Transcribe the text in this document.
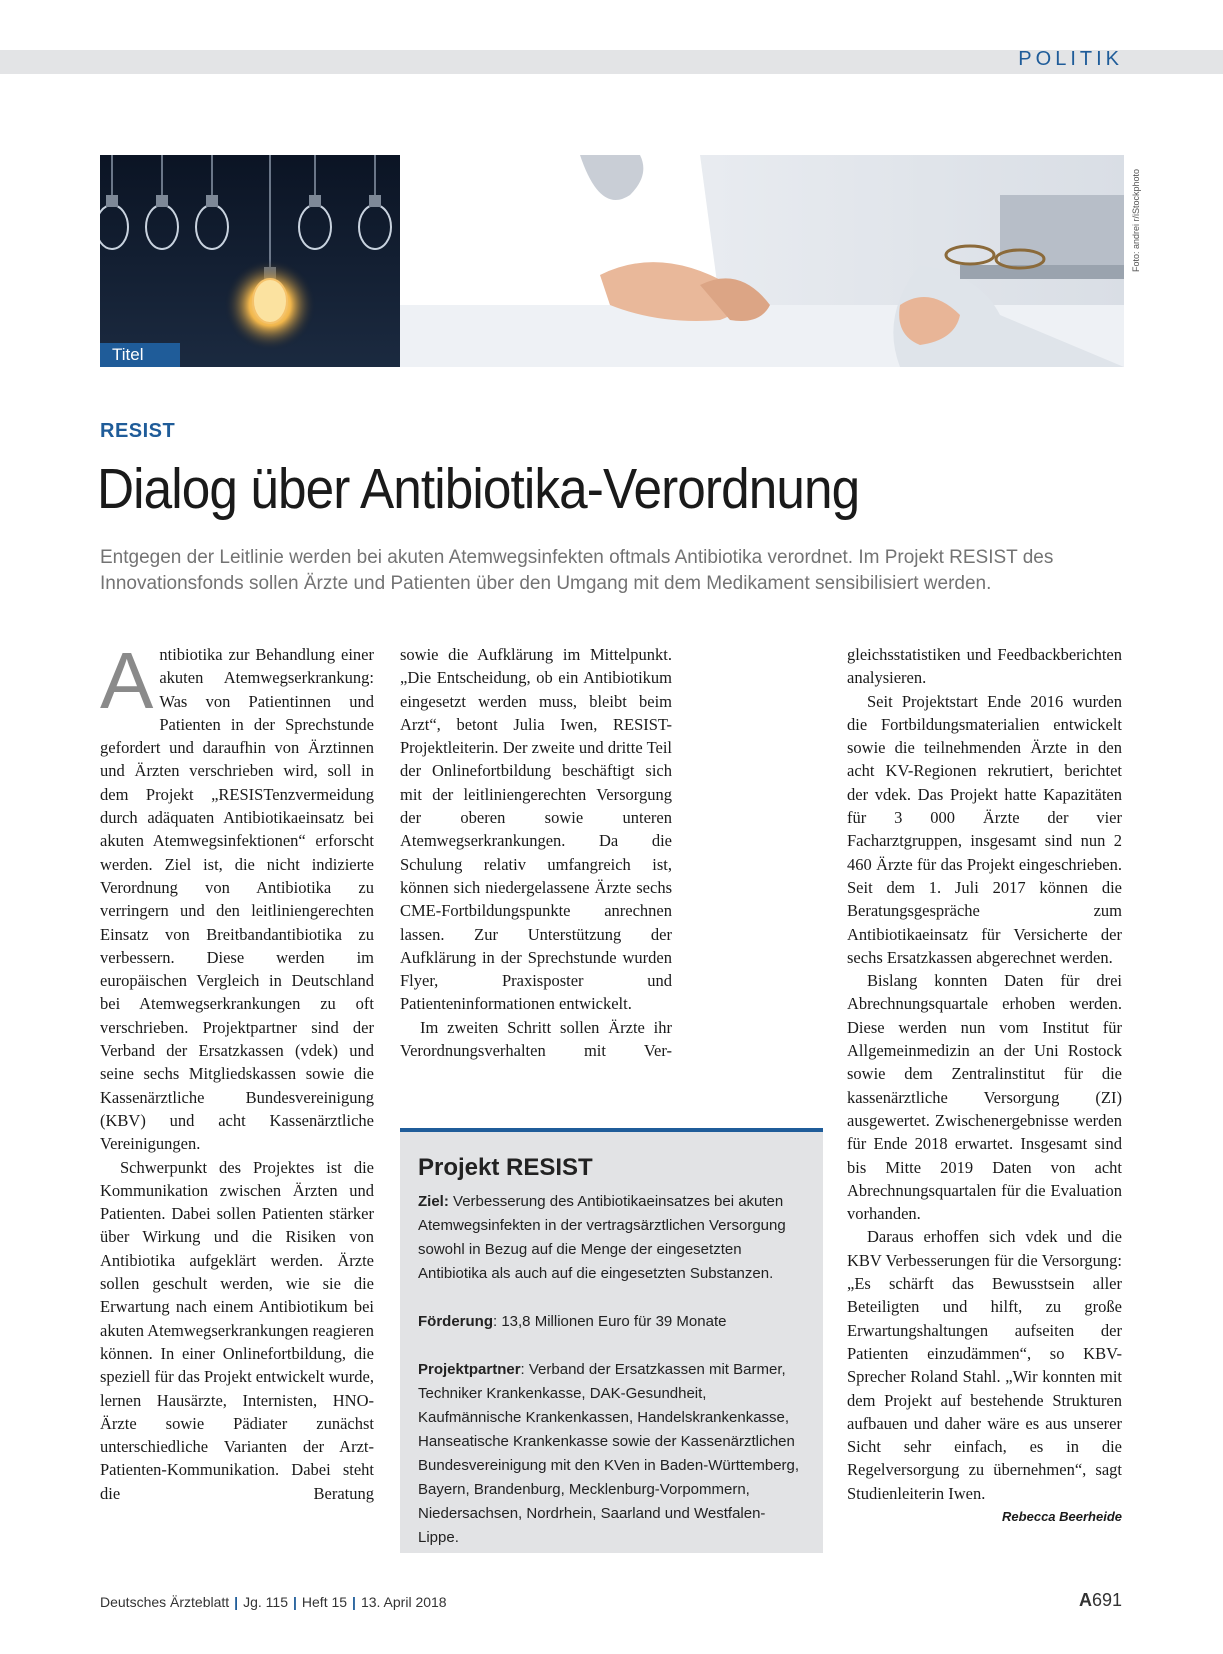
POLITIK
Titel
Foto: andrei r/iStockphoto
RESIST
Dialog über Antibiotika-Verordnung
Entgegen der Leitlinie werden bei akuten Atemwegsinfekten oftmals Antibiotika verordnet. Im Projekt RESIST des Innovationsfonds sollen Ärzte und Patienten über den Umgang mit dem Medikament sensibilisiert werden.

Antibiotika zur Behandlung einer akuten Atemwegserkrankung: Was von Patientinnen und Patienten in der Sprechstunde gefordert und daraufhin von Ärztinnen und Ärzten verschrieben wird, soll in dem Projekt „RESISTenzvermeidung durch adäquaten Antibiotikaeinsatz bei akuten Atemwegsinfektionen“ erforscht werden. Ziel ist, die nicht indizierte Verordnung von Antibiotika zu verringern und den leitliniengerechten Einsatz von Breitbandantibiotika zu verbessern. Diese werden im europäischen Vergleich in Deutschland bei Atemwegserkrankungen zu oft verschrieben. Projektpartner sind der Verband der Ersatzkassen (vdek) und seine sechs Mitgliedskassen sowie die Kassenärztliche Bundesvereinigung (KBV) und acht Kassenärztliche Vereinigungen.

Schwerpunkt des Projektes ist die Kommunikation zwischen Ärzten und Patienten. Dabei sollen Patienten stärker über Wirkung und die Risiken von Antibiotika aufgeklärt werden. Ärzte sollen geschult werden, wie sie die Erwartung nach einem Antibiotikum bei akuten Atemwegserkrankungen reagieren können. In einer Onlinefortbildung, die speziell für das Projekt entwickelt wurde, lernen Hausärzte, Internisten, HNO-Ärzte sowie Pädiater zunächst unterschiedliche Varianten der Arzt-Patienten-Kommunikation. Dabei steht die Beratung

sowie die Aufklärung im Mittelpunkt. „Die Entscheidung, ob ein Antibiotikum eingesetzt werden muss, bleibt beim Arzt“, betont Julia Iwen, RESIST-Projektleiterin. Der zweite und dritte Teil der Onlinefortbildung beschäftigt sich mit der leitliniengerechten Versorgung der oberen sowie unteren Atemwegserkrankungen. Da die Schulung relativ umfangreich ist, können sich niedergelassene Ärzte sechs CME-Fortbildungspunkte anrechnen lassen. Zur Unterstützung der Aufklärung in der Sprechstunde wurden Flyer, Praxisposter und Patienteninformationen entwickelt.

Im zweiten Schritt sollen Ärzte ihr Verordnungsverhalten mit Ver-

Projekt RESIST

Ziel: Verbesserung des Antibiotikaeinsatzes bei akuten Atemwegsinfekten in der vertragsärztlichen Versorgung sowohl in Bezug auf die Menge der eingesetzten Antibiotika als auch auf die eingesetzten Substanzen.

Förderung: 13,8 Millionen Euro für 39 Monate

Projektpartner: Verband der Ersatzkassen mit Barmer, Techniker Krankenkasse, DAK-Gesundheit, Kaufmännische Krankenkassen, Handelskrankenkasse, Hanseatische Krankenkasse sowie der Kassenärztlichen Bundesvereinigung mit den KVen in Baden-Württemberg, Bayern, Brandenburg, Mecklenburg-Vorpommern, Niedersachsen, Nordrhein, Saarland und Westfalen-Lippe.

gleichsstatistiken und Feedbackberichten analysieren.

Seit Projektstart Ende 2016 wurden die Fortbildungsmaterialien entwickelt sowie die teilnehmenden Ärzte in den acht KV-Regionen rekrutiert, berichtet der vdek. Das Projekt hatte Kapazitäten für 3 000 Ärzte der vier Facharztgruppen, insgesamt sind nun 2 460 Ärzte für das Projekt eingeschrieben. Seit dem 1. Juli 2017 können die Beratungsgespräche zum Antibiotikaeinsatz für Versicherte der sechs Ersatzkassen abgerechnet werden.

Bislang konnten Daten für drei Abrechnungsquartale erhoben werden. Diese werden nun vom Institut für Allgemeinmedizin an der Uni Rostock sowie dem Zentralinstitut für die kassenärztliche Versorgung (ZI) ausgewertet. Zwischenergebnisse werden für Ende 2018 erwartet. Insgesamt sind bis Mitte 2019 Daten von acht Abrechnungsquartalen für die Evaluation vorhanden.

Daraus erhoffen sich vdek und die KBV Verbesserungen für die Versorgung: „Es schärft das Bewusstsein aller Beteiligten und hilft, zu große Erwartungshaltungen aufseiten der Patienten einzudämmen“, so KBV-Sprecher Roland Stahl. „Wir konnten mit dem Projekt auf bestehende Strukturen aufbauen und daher wäre es aus unserer Sicht sehr einfach, es in die Regelversorgung zu übernehmen“, sagt Studienleiterin Iwen.
Rebecca Beerheide

Deutsches Ärzteblatt | Jg. 115 | Heft 15 | 13. April 2018	A691
